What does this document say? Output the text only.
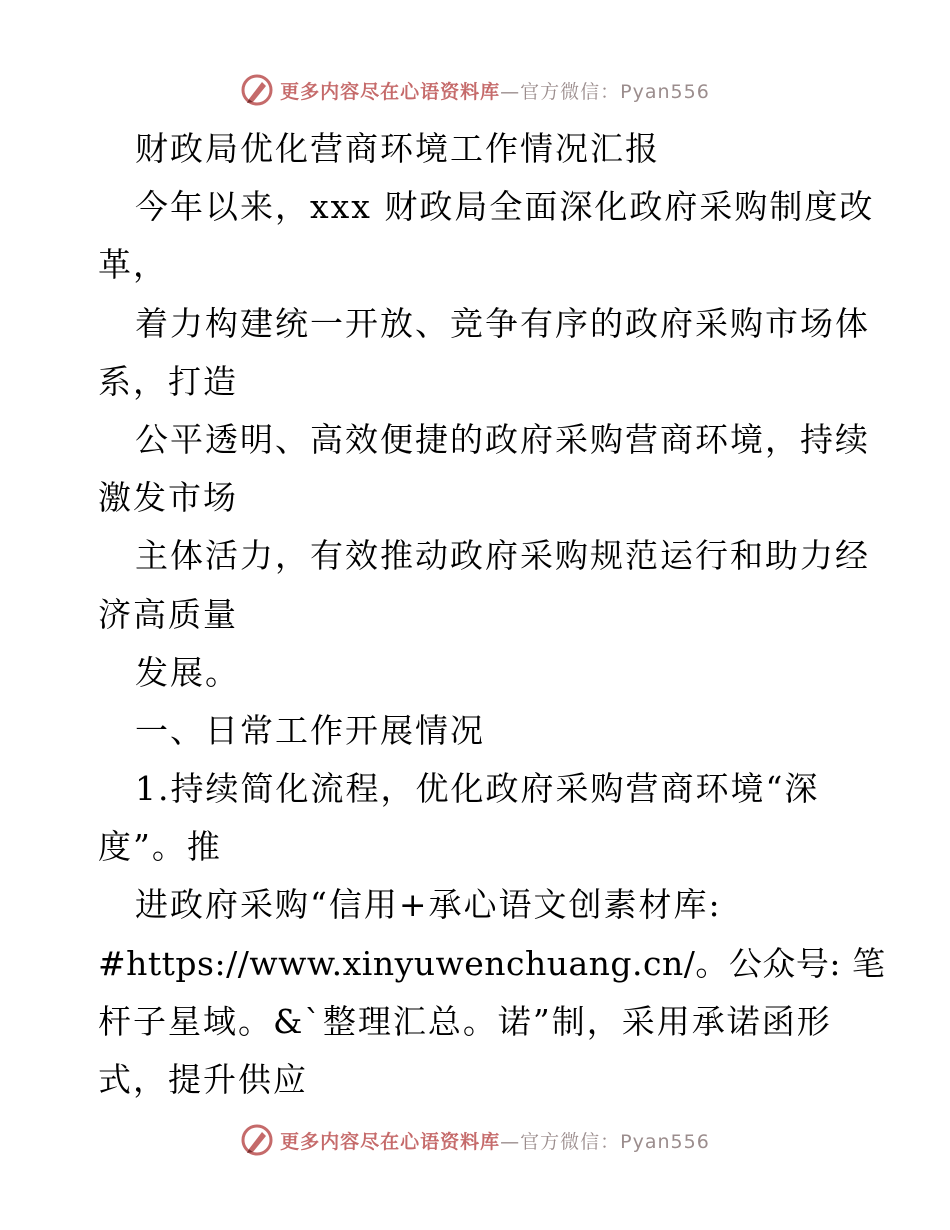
更多内容尽在心语资料库 —官方微信：Pyan556
财政局优化营商环境工作情况汇报
今年以来，xxx 财政局全面深化政府采购制度改
革，
着力构建统一开放、竞争有序的政府采购市场体
系，打造
公平透明、高效便捷的政府采购营商环境，持续
激发市场
主体活力，有效推动政府采购规范运行和助力经
济高质量
发展。
一、日常工作开展情况
1.持续简化流程，优化政府采购营商环境“深
度”。推
进政府采购“信用+承心语文创素材库:
#https://www.xinyuwenchuang.cn/。公众号: 笔
杆子星域。&`整理汇总。诺”制，采用承诺函形
式，提升供应
更多内容尽在心语资料库 —官方微信：Pyan556
